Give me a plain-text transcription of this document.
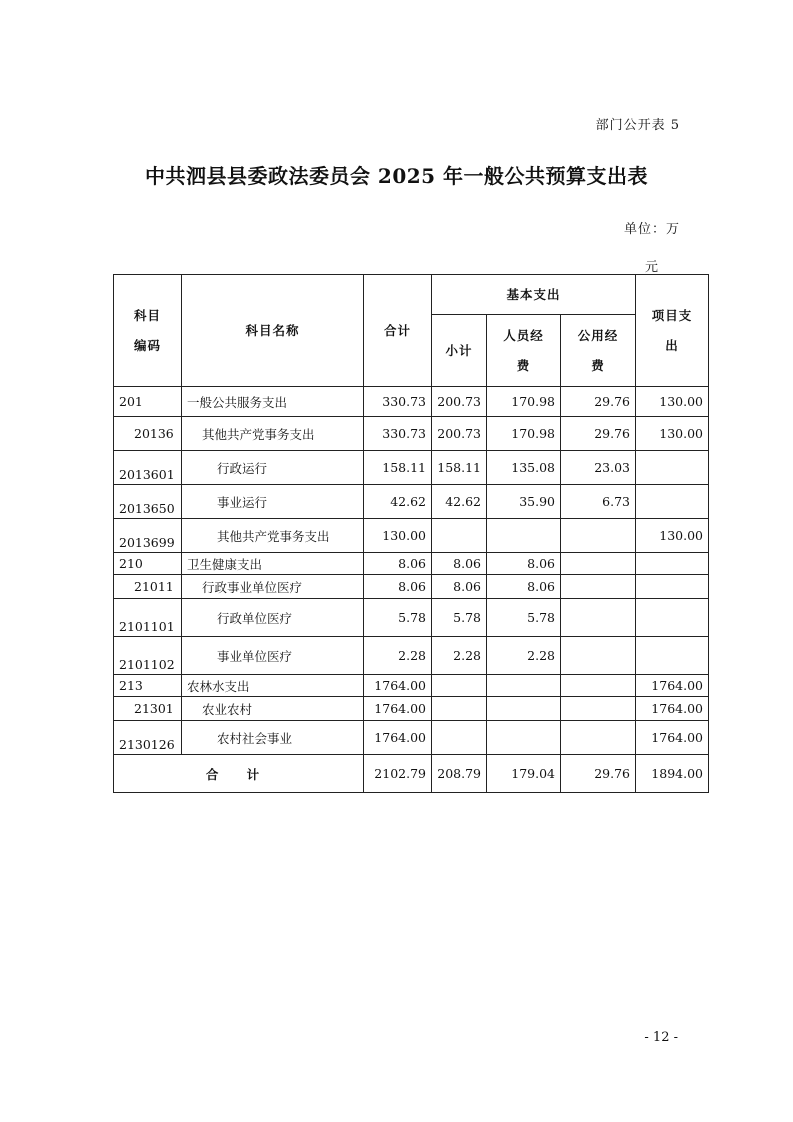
部门公开表 5
中共泗县县委政法委员会 2025 年一般公共预算支出表
单位：万
元
科目编码	科目名称	合计	基本支出			项目支出
			小计	人员经费	公用经费	
201	一般公共服务支出	330.73	200.73	170.98	29.76	130.00
20136	其他共产党事务支出	330.73	200.73	170.98	29.76	130.00
2013601	行政运行	158.11	158.11	135.08	23.03	
2013650	事业运行	42.62	42.62	35.90	6.73	
2013699	其他共产党事务支出	130.00				130.00
210	卫生健康支出	8.06	8.06	8.06		
21011	行政事业单位医疗	8.06	8.06	8.06		
2101101	行政单位医疗	5.78	5.78	5.78		
2101102	事业单位医疗	2.28	2.28	2.28		
213	农林水支出	1764.00				1764.00
21301	农业农村	1764.00				1764.00
2130126	农村社会事业	1764.00				1764.00
合 计		2102.79	208.79	179.04	29.76	1894.00
- 12 -
